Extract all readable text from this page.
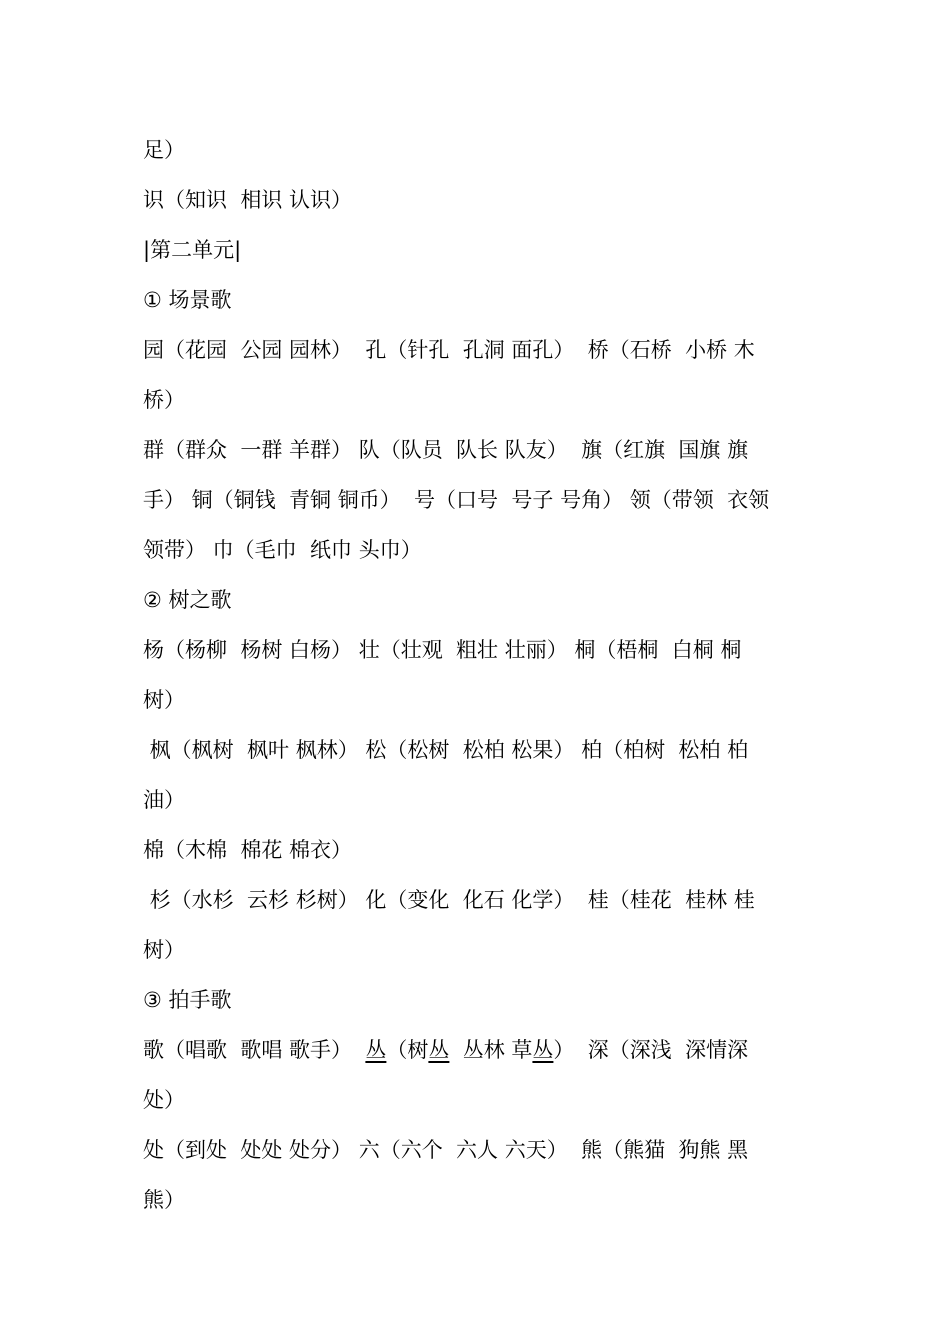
足）
识（知识  相识 认识）
|第二单元|
① 场景歌
园（花园  公园 园林）  孔（针孔  孔洞 面孔）  桥（石桥  小桥 木
桥）
群（群众  一群 羊群） 队（队员  队长 队友）  旗（红旗  国旗 旗
手） 铜（铜钱  青铜 铜币）  号（口号  号子 号角） 领（带领  衣领
领带） 巾（毛巾  纸巾 头巾）
② 树之歌
杨（杨柳  杨树 白杨） 壮（壮观  粗壮 壮丽） 桐（梧桐  白桐 桐
树）
枫（枫树  枫叶 枫林） 松（松树  松柏 松果） 柏（柏树  松柏 柏
油）
棉（木棉  棉花 棉衣）
杉（水杉  云杉 杉树） 化（变化  化石 化学）  桂（桂花  桂林 桂
树）
③ 拍手歌
歌（唱歌  歌唱 歌手）  丛（树丛  丛林 草丛）  深（深浅  深情深
处）
处（到处  处处 处分） 六（六个  六人 六天）  熊（熊猫  狗熊 黑
熊）
